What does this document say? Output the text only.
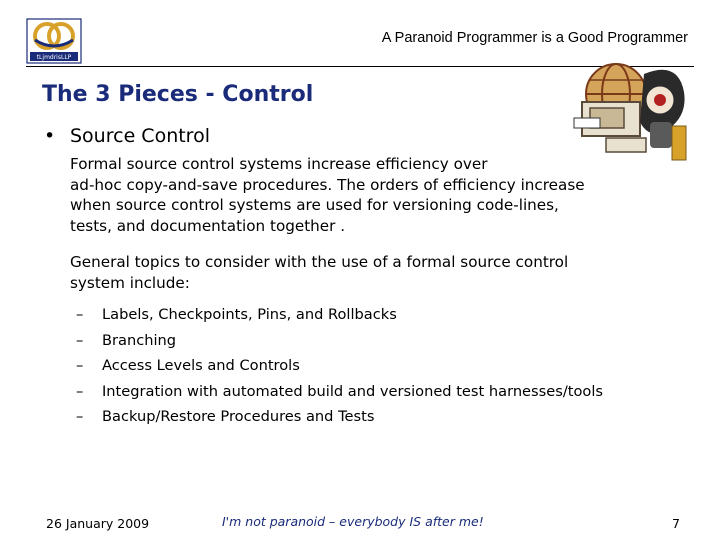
tLjmdrisLLP
A Paranoid Programmer is a Good Programmer
The 3 Pieces - Control
• Source Control
Formal source control systems increase efficiency over
ad-hoc copy-and-save procedures. The orders of efficiency increase
when source control systems are used for versioning code-lines,
tests, and documentation together .
General topics to consider with the use of a formal source control
system include:
– Labels, Checkpoints, Pins, and Rollbacks
– Branching
– Access Levels and Controls
– Integration with automated build and versioned test harnesses/tools
– Backup/Restore Procedures and Tests
26 January 2009	I'm not paranoid – everybody IS after me!	7
